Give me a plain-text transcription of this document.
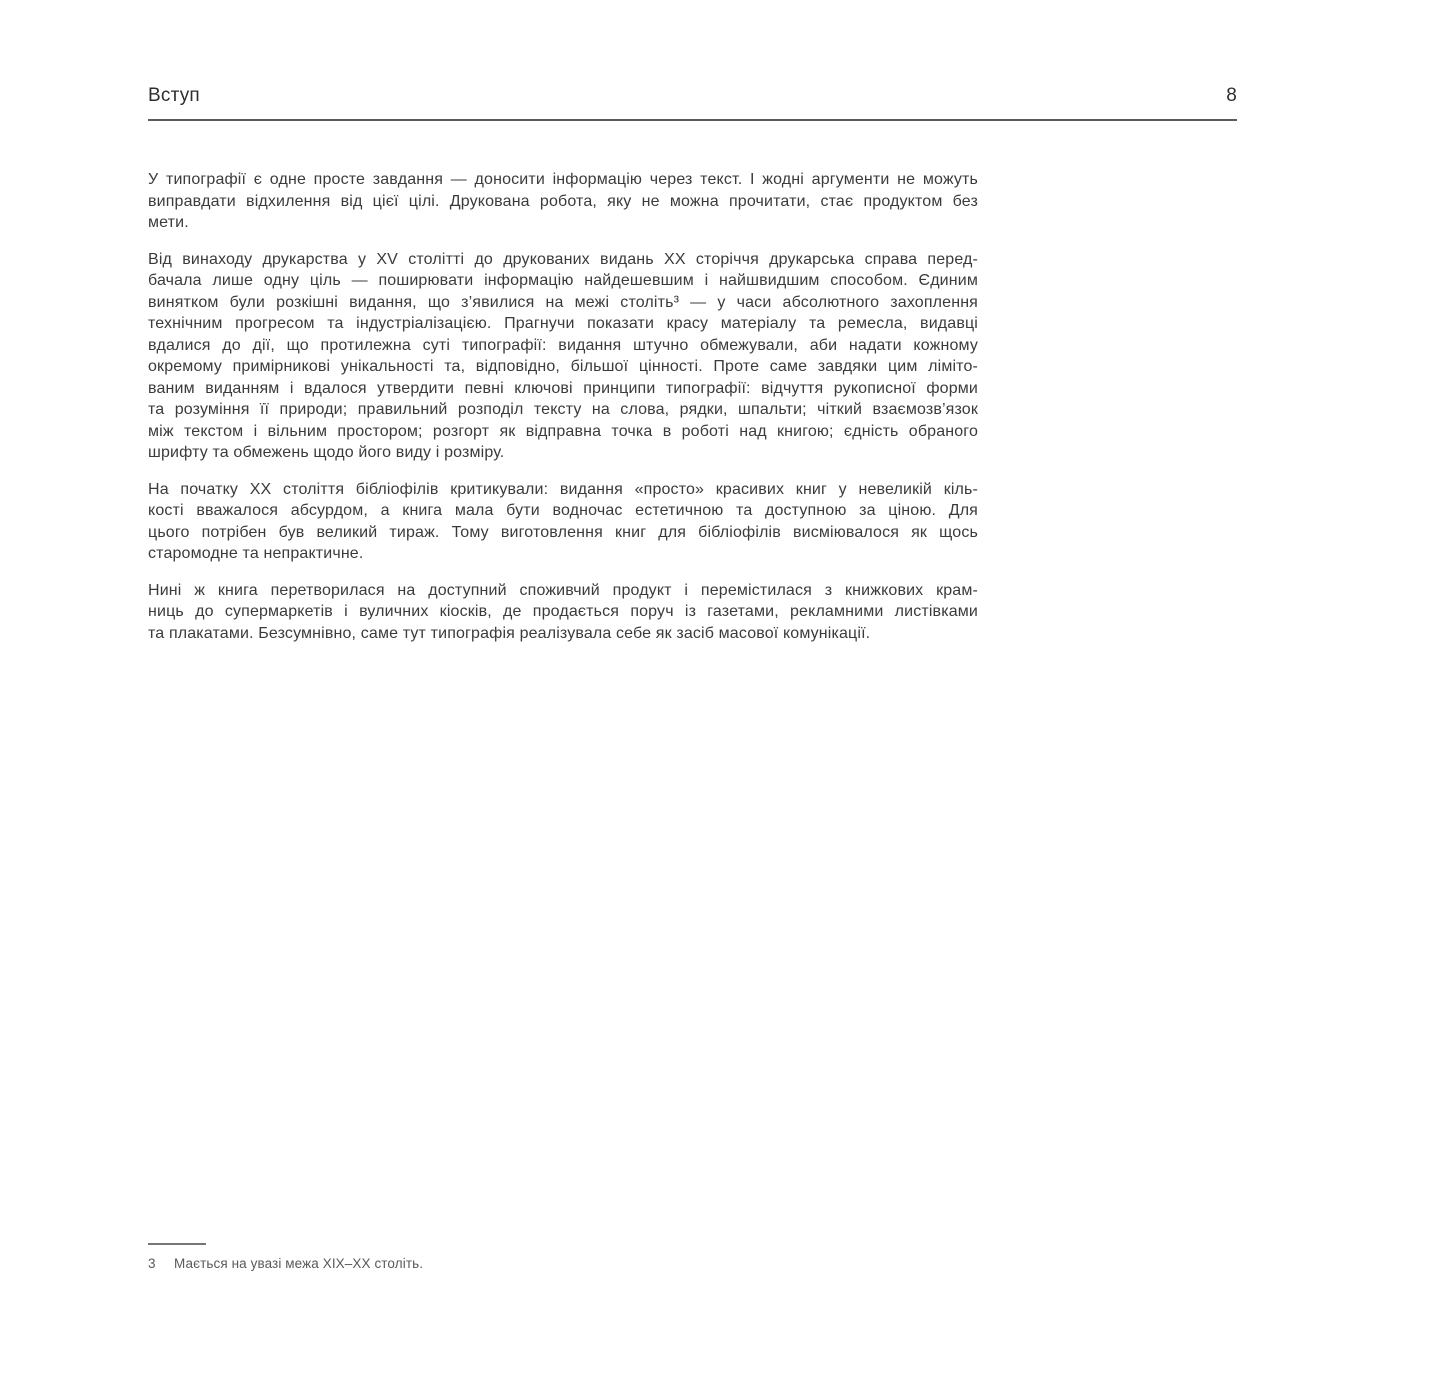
Вступ	8

У типографії є одне просте завдання — доносити інформацію через текст. І жодні аргументи не можуть
виправдати відхилення від цієї цілі. Друкована робота, яку не можна прочитати, стає продуктом без
мети.

Від винаходу друкарства у XV столітті до друкованих видань XX сторіччя друкарська справа перед-
бачала лише одну ціль — поширювати інформацію найдешевшим і найшвидшим способом. Єдиним
винятком були розкішні видання, що з’явилися на межі століть³ — у часи абсолютного захоплення
технічним прогресом та індустріалізацією. Прагнучи показати красу матеріалу та ремесла, видавці
вдалися до дії, що протилежна суті типографії: видання штучно обмежували, аби надати кожному
окремому примірникові унікальності та, відповідно, більшої цінності. Проте саме завдяки цим ліміто-
ваним виданням і вдалося утвердити певні ключові принципи типографії: відчуття рукописної форми
та розуміння її природи; правильний розподіл тексту на слова, рядки, шпальти; чіткий взаємозв’язок
між текстом і вільним простором; розгорт як відправна точка в роботі над книгою; єдність обраного
шрифту та обмежень щодо його виду і розміру.

На початку XX століття бібліофілів критикували: видання «просто» красивих книг у невеликій кіль-
кості вважалося абсурдом, а книга мала бути водночас естетичною та доступною за ціною. Для
цього потрібен був великий тираж. Тому виготовлення книг для бібліофілів висміювалося як щось
старомодне та непрактичне.

Нині ж книга перетворилася на доступний споживчий продукт і перемістилася з книжкових крам-
ниць до супермаркетів і вуличних кіосків, де продається поруч із газетами, рекламними листівками
та плакатами. Безсумнівно, саме тут типографія реалізувала себе як засіб масової комунікації.

3	Мається на увазі межа XIX–XX століть.
